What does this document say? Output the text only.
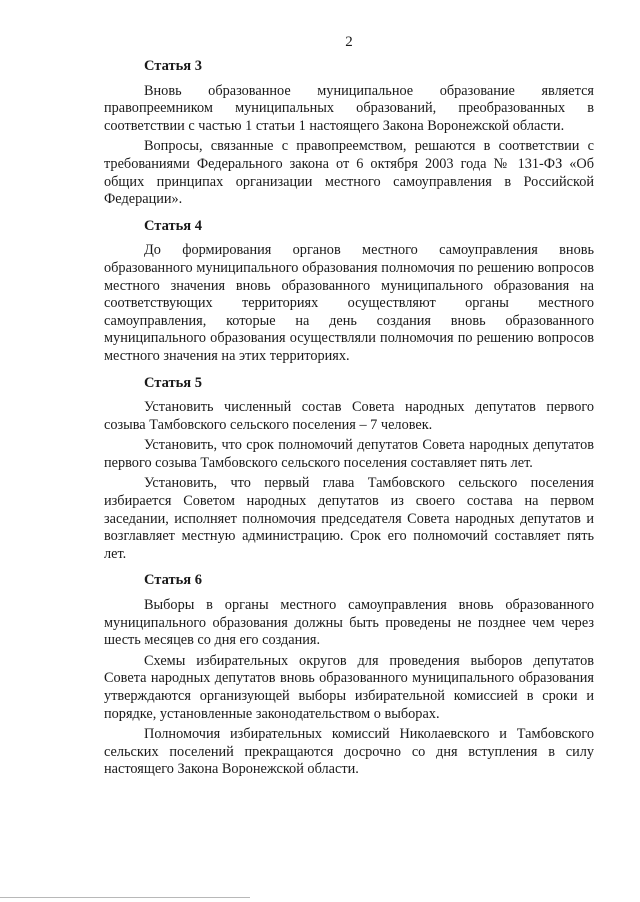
2
Статья 3

Вновь образованное муниципальное образование является правопреемником муниципальных образований, преобразованных в соответствии с частью 1 статьи 1 настоящего Закона Воронежской области.

Вопросы, связанные с правопреемством, решаются в соответствии с требованиями Федерального закона от 6 октября 2003 года № 131-ФЗ «Об общих принципах организации местного самоуправления в Российской Федерации».

Статья 4

До формирования органов местного самоуправления вновь образованного муниципального образования полномочия по решению вопросов местного значения вновь образованного муниципального образования на соответствующих территориях осуществляют органы местного самоуправления, которые на день создания вновь образованного муниципального образования осуществляли полномочия по решению вопросов местного значения на этих территориях.

Статья 5

Установить численный состав Совета народных депутатов первого созыва Тамбовского сельского поселения – 7 человек.

Установить, что срок полномочий депутатов Совета народных депутатов первого созыва Тамбовского сельского поселения составляет пять лет.

Установить, что первый глава Тамбовского сельского поселения избирается Советом народных депутатов из своего состава на первом заседании, исполняет полномочия председателя Совета народных депутатов и возглавляет местную администрацию. Срок его полномочий составляет пять лет.

Статья 6

Выборы в органы местного самоуправления вновь образованного муниципального образования должны быть проведены не позднее чем через шесть месяцев со дня его создания.

Схемы избирательных округов для проведения выборов депутатов Совета народных депутатов вновь образованного муниципального образования утверждаются организующей выборы избирательной комиссией в сроки и порядке, установленные законодательством о выборах.

Полномочия избирательных комиссий Николаевского и Тамбовского сельских поселений прекращаются досрочно со дня вступления в силу настоящего Закона Воронежской области.
